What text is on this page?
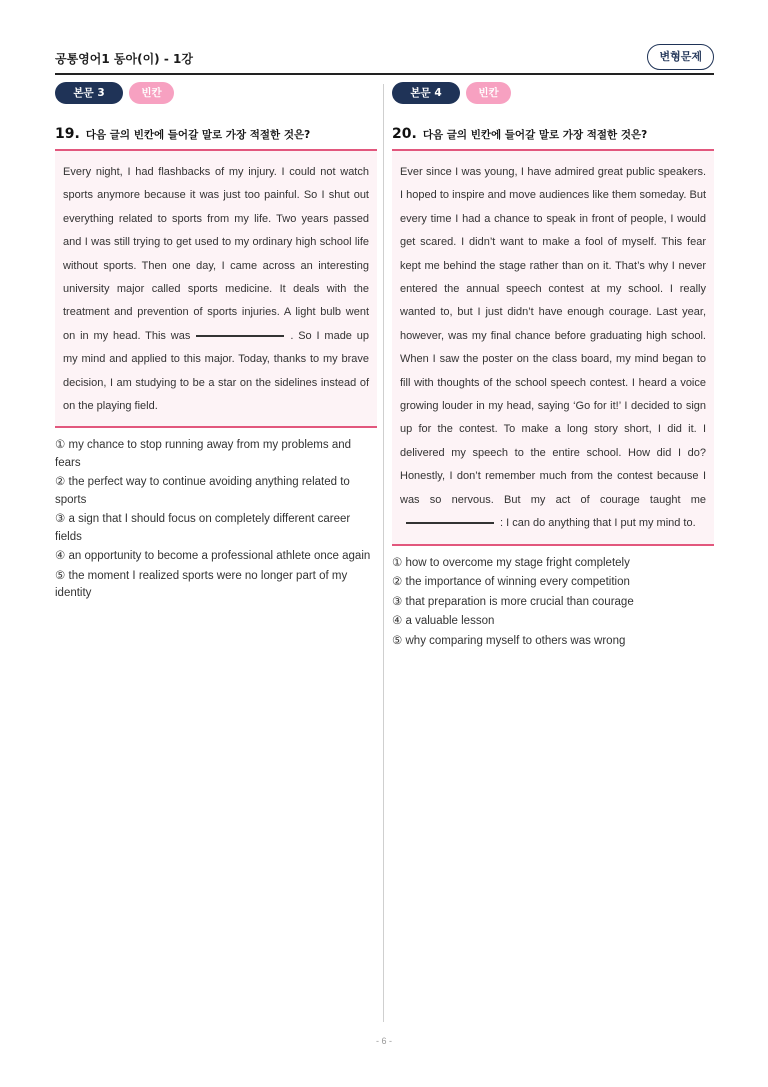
공통영어1 동아(이) - 1강	변형문제
본문 3	빈칸
19. 다음 글의 빈칸에 들어갈 말로 가장 적절한 것은?
Every night, I had flashbacks of my injury. I could not watch sports anymore because it was just too painful. So I shut out everything related to sports from my life. Two years passed and I was still trying to get used to my ordinary high school life without sports. Then one day, I came across an interesting university major called sports medicine. It deals with the treatment and prevention of sports injuries. A light bulb went on in my head. This was	. So I made up my mind and applied to this major. Today, thanks to my brave decision, I am studying to be a star on the sidelines instead of on the playing field.
① my chance to stop running away from my problems and fears
② the perfect way to continue avoiding anything related to sports
③ a sign that I should focus on completely different career fields
④ an opportunity to become a professional athlete once again
⑤ the moment I realized sports were no longer part of my identity
본문 4	빈칸
20. 다음 글의 빈칸에 들어갈 말로 가장 적절한 것은?
Ever since I was young, I have admired great public speakers. I hoped to inspire and move audiences like them someday. But every time I had a chance to speak in front of people, I would get scared. I didn’t want to make a fool of myself. This fear kept me behind the stage rather than on it. That’s why I never entered the annual speech contest at my school. I really wanted to, but I just didn’t have enough courage. Last year, however, was my final chance before graduating high school. When I saw the poster on the class board, my mind began to fill with thoughts of the school speech contest. I heard a voice growing louder in my head, saying ‘Go for it!’ I decided to sign up for the contest. To make a long story short, I did it. I delivered my speech to the entire school. How did I do? Honestly, I don’t remember much from the contest because I was so nervous. But my act of courage taught me: I can do anything that I put my mind to.
① how to overcome my stage fright completely
② the importance of winning every competition
③ that preparation is more crucial than courage
④ a valuable lesson
⑤ why comparing myself to others was wrong
- 6 -
